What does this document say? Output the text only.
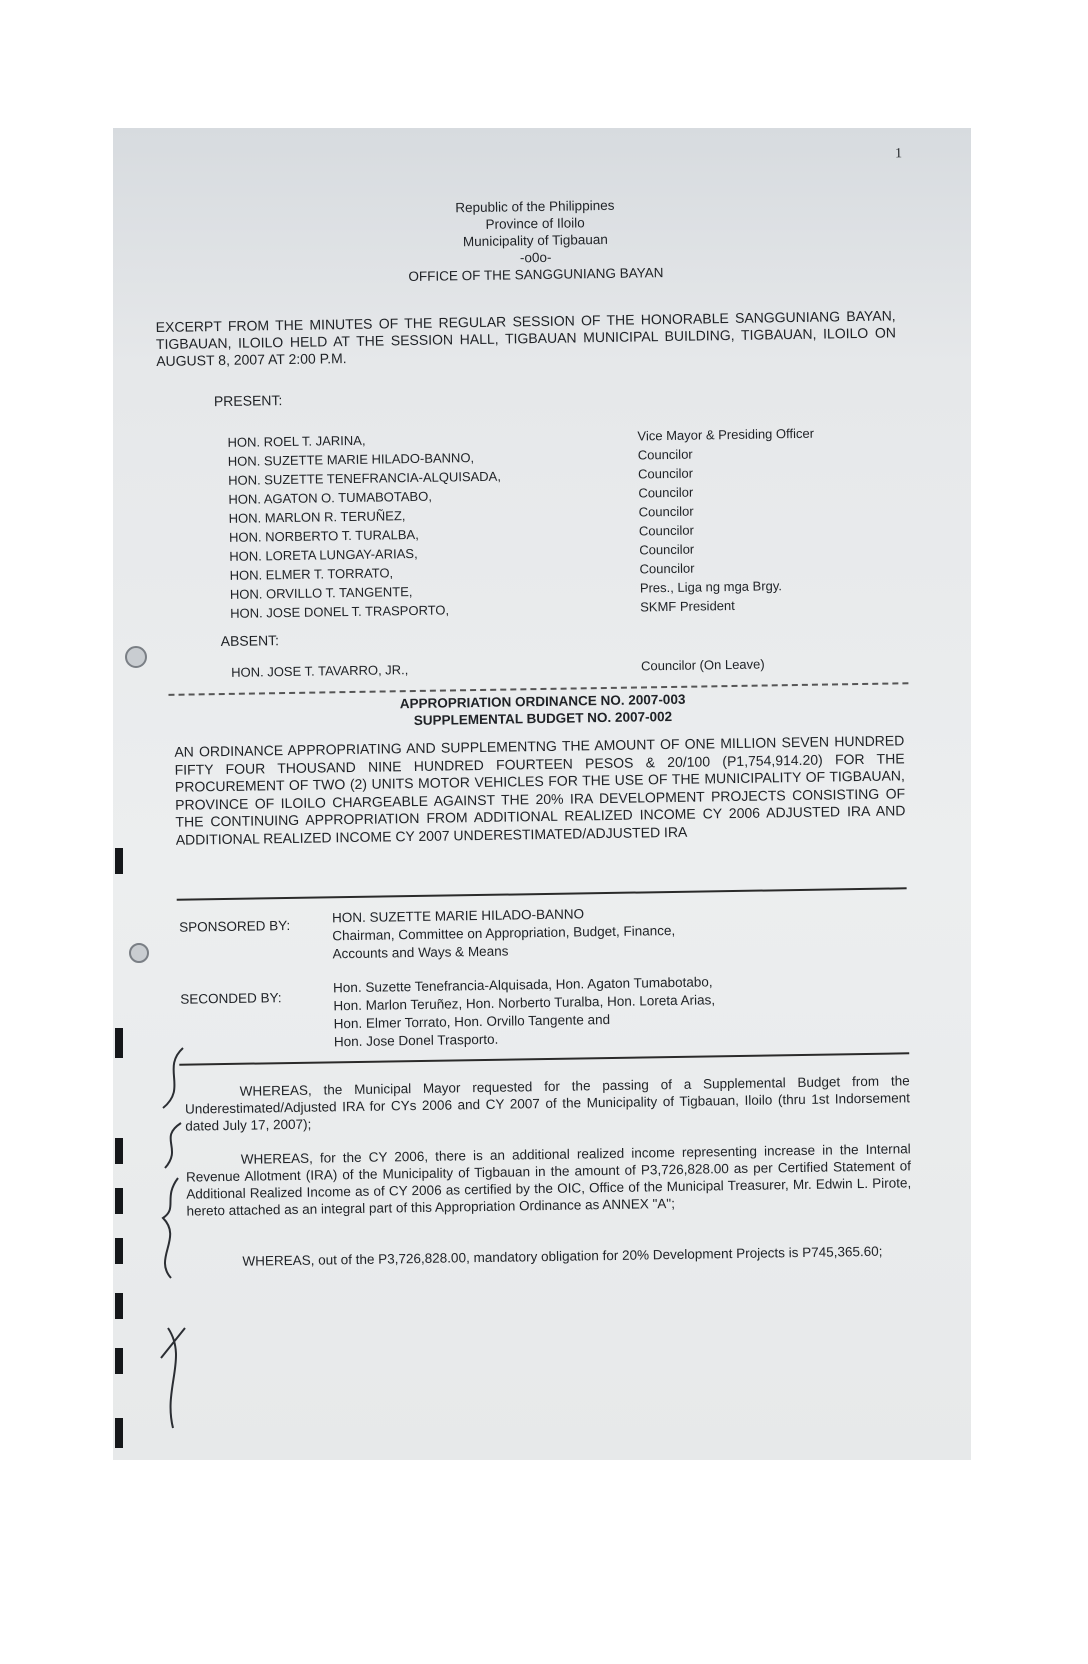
1
Republic of the Philippines
Province of Iloilo
Municipality of Tigbauan
-o0o-
OFFICE OF THE SANGGUNIANG BAYAN
EXCERPT FROM THE MINUTES OF THE REGULAR SESSION OF THE HONORABLE SANGGUNIANG BAYAN, TIGBAUAN, ILOILO HELD AT THE SESSION HALL, TIGBAUAN MUNICIPAL BUILDING, TIGBAUAN, ILOILO ON AUGUST 8, 2007 AT 2:00 P.M.
PRESENT:
HON. ROEL T. JARINA,	Vice Mayor & Presiding Officer
HON. SUZETTE MARIE HILADO-BANNO,	Councilor
HON. SUZETTE TENEFRANCIA-ALQUISADA,	Councilor
HON. AGATON O. TUMABOTABO,	Councilor
HON. MARLON R. TERUÑEZ,	Councilor
HON. NORBERTO T. TURALBA,	Councilor
HON. LORETA LUNGAY-ARIAS,	Councilor
HON. ELMER T. TORRATO,	Councilor
HON. ORVILLO T. TANGENTE,	Pres., Liga ng mga Brgy.
HON. JOSE DONEL T. TRASPORTO,	SKMF President
ABSENT:
HON. JOSE T. TAVARRO, JR.,	Councilor (On Leave)
APPROPRIATION ORDINANCE NO. 2007-003
SUPPLEMENTAL BUDGET NO. 2007-002
AN ORDINANCE APPROPRIATING AND SUPPLEMENTNG THE AMOUNT OF ONE MILLION SEVEN HUNDRED FIFTY FOUR THOUSAND NINE HUNDRED FOURTEEN PESOS & 20/100 (P1,754,914.20) FOR THE PROCUREMENT OF TWO (2) UNITS MOTOR VEHICLES FOR THE USE OF THE MUNICIPALITY OF TIGBAUAN, PROVINCE OF ILOILO CHARGEABLE AGAINST THE 20% IRA DEVELOPMENT PROJECTS CONSISTING OF THE CONTINUING APPROPRIATION FROM ADDITIONAL REALIZED INCOME CY 2006 ADJUSTED IRA AND ADDITIONAL REALIZED INCOME CY 2007 UNDERESTIMATED/ADJUSTED IRA
SPONSORED BY:
HON. SUZETTE MARIE HILADO-BANNO
Chairman, Committee on Appropriation, Budget, Finance,
Accounts and Ways & Means
SECONDED BY:
Hon. Suzette Tenefrancia-Alquisada, Hon. Agaton Tumabotabo,
Hon. Marlon Teruñez, Hon. Norberto Turalba, Hon. Loreta Arias,
Hon. Elmer Torrato, Hon. Orvillo Tangente and
Hon. Jose Donel Trasporto.
WHEREAS, the Municipal Mayor requested for the passing of a Supplemental Budget from the Underestimated/Adjusted IRA for CYs 2006 and CY 2007 of the Municipality of Tigbauan, Iloilo (thru 1st Indorsement dated July 17, 2007);
WHEREAS, for the CY 2006, there is an additional realized income representing increase in the Internal Revenue Allotment (IRA) of the Municipality of Tigbauan in the amount of P3,726,828.00 as per Certified Statement of Additional Realized Income as of CY 2006 as certified by the OIC, Office of the Municipal Treasurer, Mr. Edwin L. Pirote, hereto attached as an integral part of this Appropriation Ordinance as ANNEX "A";
WHEREAS, out of the P3,726,828.00, mandatory obligation for 20% Development Projects is P745,365.60;
